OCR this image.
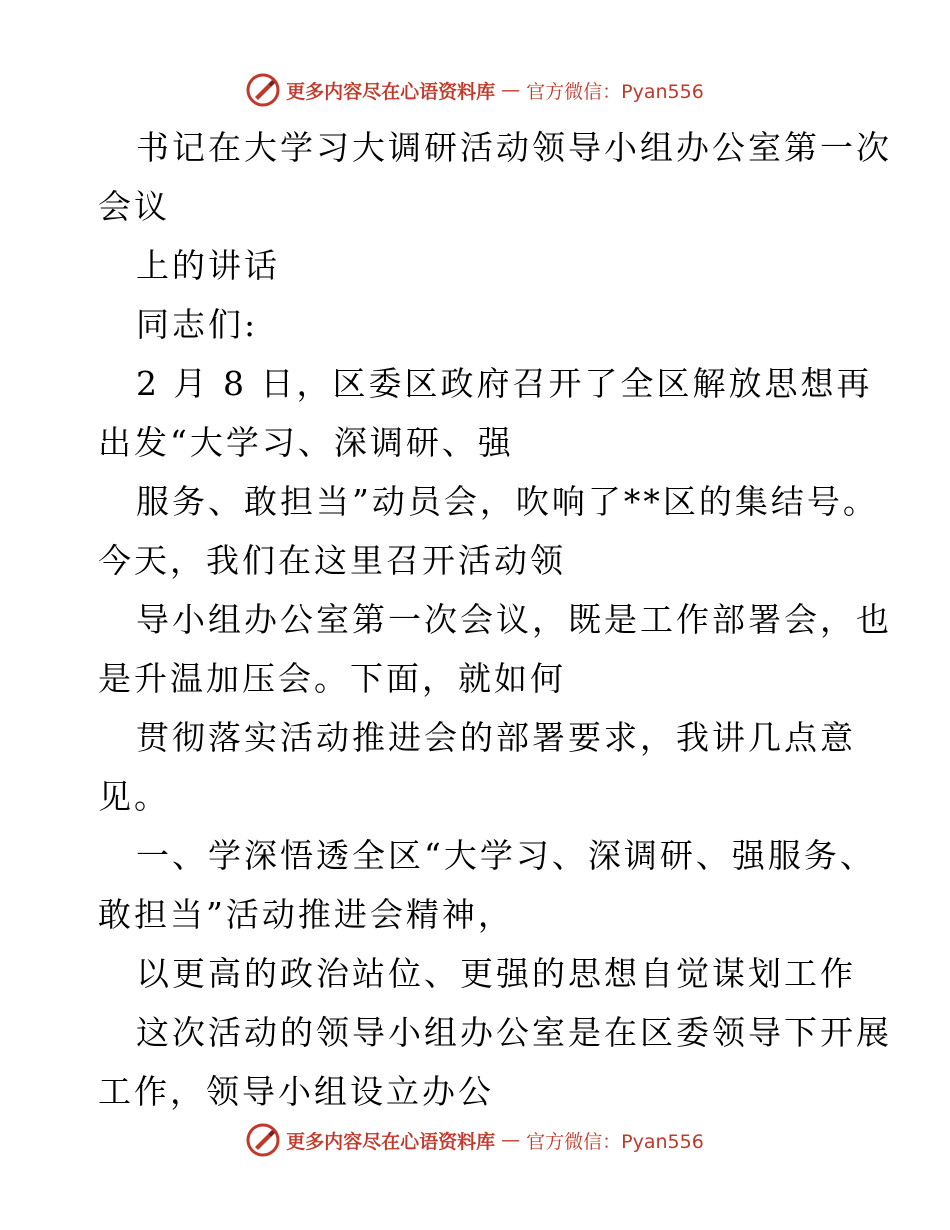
更多内容尽在心语资料库 — 官方微信：Pyan556
书记在大学习大调研活动领导小组办公室第一次
会议
上的讲话
同志们:
2 月 8 日，区委区政府召开了全区解放思想再
出发“大学习、深调研、强
服务、敢担当”动员会，吹响了**区的集结号。
今天，我们在这里召开活动领
导小组办公室第一次会议，既是工作部署会，也
是升温加压会。下面，就如何
贯彻落实活动推进会的部署要求，我讲几点意
见。
一、学深悟透全区“大学习、深调研、强服务、
敢担当”活动推进会精神，
以更高的政治站位、更强的思想自觉谋划工作
这次活动的领导小组办公室是在区委领导下开展
工作，领导小组设立办公
更多内容尽在心语资料库 — 官方微信：Pyan556
